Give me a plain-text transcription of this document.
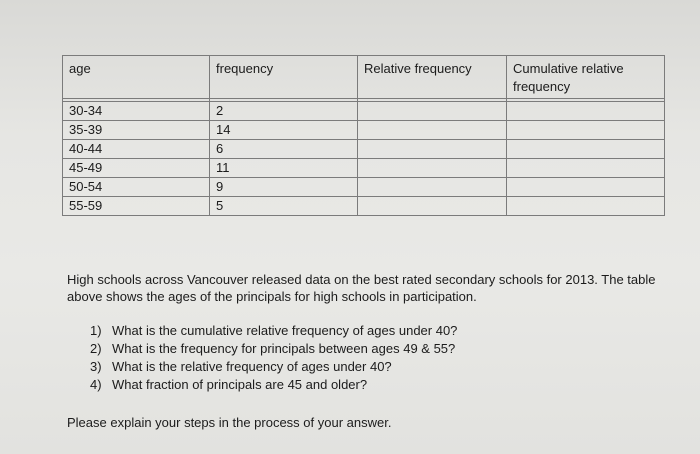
age	frequency	Relative frequency	Cumulative relative frequency

30-34	2		
35-39	14		
40-44	6		
45-49	11		
50-54	9		
55-59	5		

High schools across Vancouver released data on the best rated secondary schools for 2013. The table above shows the ages of the principals for high schools in participation.

1) What is the cumulative relative frequency of ages under 40?
2) What is the frequency for principals between ages 49 & 55?
3) What is the relative frequency of ages under 40?
4) What fraction of principals are 45 and older?

Please explain your steps in the process of your answer.
